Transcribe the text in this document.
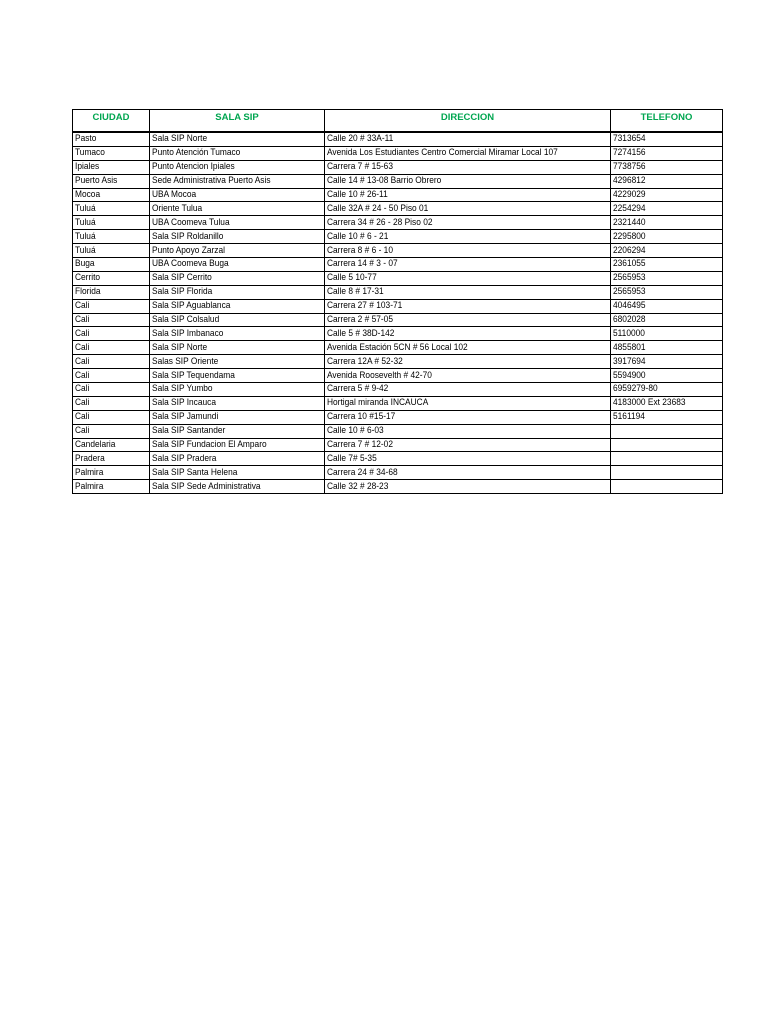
CIUDAD	SALA SIP	DIRECCION	TELEFONO
Pasto	Sala SIP Norte	Calle 20 # 33A-11	7313654
Tumaco	Punto Atención Tumaco	Avenida Los Estudiantes Centro Comercial Miramar Local 107	7274156
Ipiales	Punto Atencion Ipiales	Carrera 7 # 15-63	7738756
Puerto Asis	Sede Administrativa Puerto Asis	Calle 14 # 13-08 Barrio Obrero	4296812
Mocoa	UBA Mocoa	Calle 10 # 26-11	4229029
Tuluá	Oriente Tulua	Calle 32A # 24 - 50 Piso 01	2254294
Tuluá	UBA Coomeva Tulua	Carrera 34 # 26 - 28 Piso 02	2321440
Tuluá	Sala SIP Roldanillo	Calle 10 # 6 - 21	2295800
Tuluá	Punto Apoyo Zarzal	Carrera 8 # 6 - 10	2206294
Buga	UBA Coomeva Buga	Carrera 14 # 3 - 07	2361055
Cerrito	Sala SIP Cerrito	Calle 5 10-77	2565953
Florida	Sala SIP Florida	Calle 8 # 17-31	2565953
Cali	Sala SIP Aguablanca	Carrera 27 # 103-71	4046495
Cali	Sala SIP Colsalud	Carrera 2 # 57-05	6802028
Cali	Sala SIP Imbanaco	Calle 5 # 38D-142	5110000
Cali	Sala SIP Norte	Avenida Estación 5CN # 56 Local 102	4855801
Cali	Salas SIP Oriente	Carrera 12A # 52-32	3917694
Cali	Sala SIP Tequendama	Avenida Roosevelth # 42-70	5594900
Cali	Sala SIP Yumbo	Carrera 5 # 9-42	6959279-80
Cali	Sala SIP Incauca	Hortigal miranda INCAUCA	4183000 Ext 23683
Cali	Sala SIP Jamundi	Carrera 10 #15-17	5161194
Cali	Sala SIP Santander	Calle 10 # 6-03	
Candelaria	Sala SIP Fundacion El Amparo	Carrera 7 # 12-02	
Pradera	Sala SIP Pradera	Calle 7# 5-35	
Palmira	Sala SIP Santa Helena	Carrera 24 # 34-68	
Palmira	Sala SIP Sede Administrativa	Calle 32 # 28-23	
